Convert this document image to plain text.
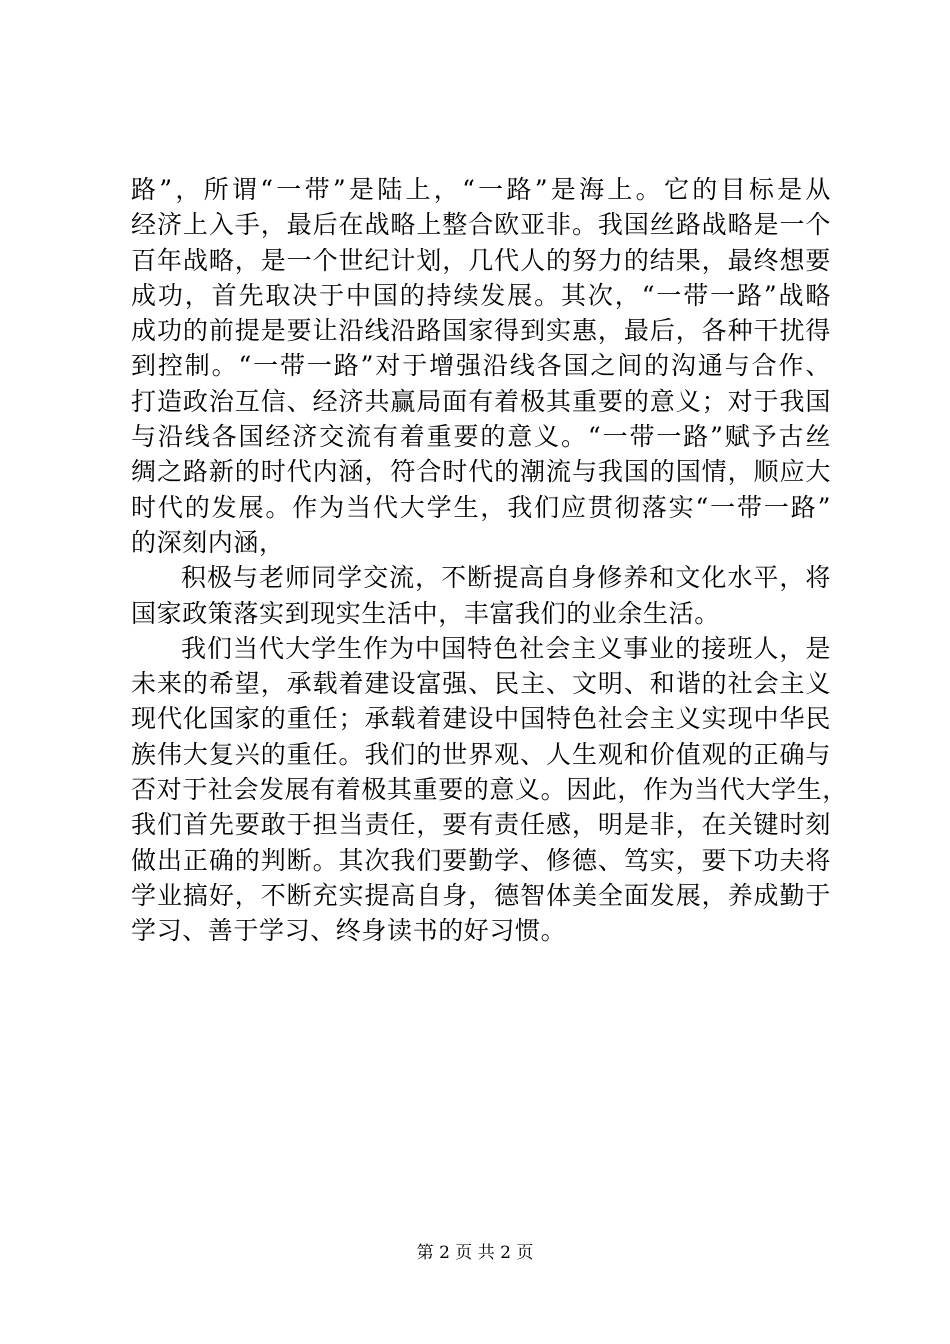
路”，所谓“一带”是陆上，“一路”是海上。它的目标是从
经济上入手，最后在战略上整合欧亚非。我国丝路战略是一个
百年战略，是一个世纪计划，几代人的努力的结果，最终想要
成功，首先取决于中国的持续发展。其次，“一带一路”战略
成功的前提是要让沿线沿路国家得到实惠，最后，各种干扰得
到控制。“一带一路”对于增强沿线各国之间的沟通与合作、
打造政治互信、经济共赢局面有着极其重要的意义；对于我国
与沿线各国经济交流有着重要的意义。“一带一路”赋予古丝
绸之路新的时代内涵，符合时代的潮流与我国的国情，顺应大
时代的发展。作为当代大学生，我们应贯彻落实“一带一路”
的深刻内涵，
积极与老师同学交流，不断提高自身修养和文化水平，将
国家政策落实到现实生活中，丰富我们的业余生活。
我们当代大学生作为中国特色社会主义事业的接班人，是
未来的希望，承载着建设富强、民主、文明、和谐的社会主义
现代化国家的重任；承载着建设中国特色社会主义实现中华民
族伟大复兴的重任。我们的世界观、人生观和价值观的正确与
否对于社会发展有着极其重要的意义。因此，作为当代大学生，
我们首先要敢于担当责任，要有责任感，明是非，在关键时刻
做出正确的判断。其次我们要勤学、修德、笃实，要下功夫将
学业搞好，不断充实提高自身，德智体美全面发展，养成勤于
学习、善于学习、终身读书的好习惯。
第 2 页 共 2 页
